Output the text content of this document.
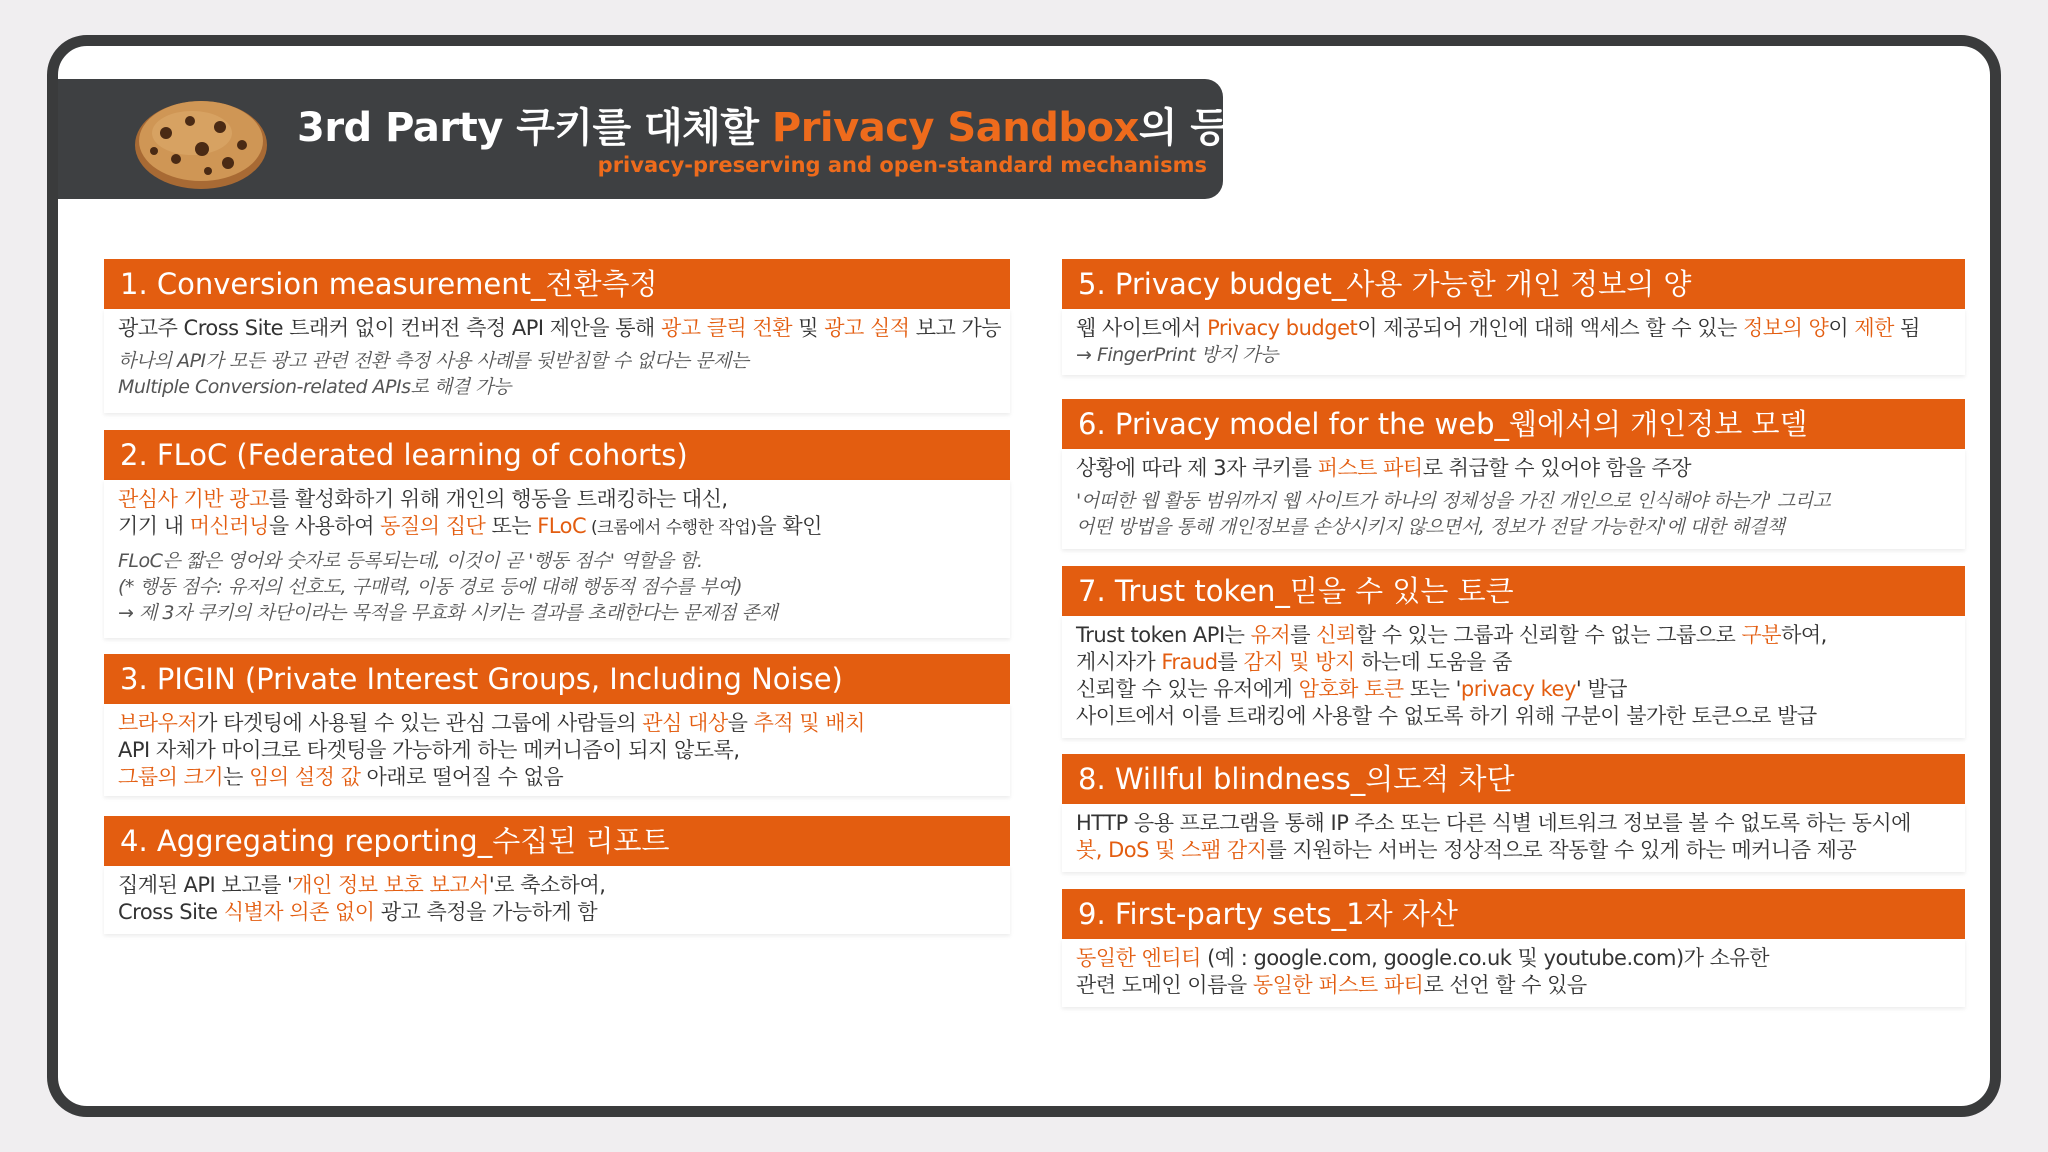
3rd Party 쿠키를 대체할 Privacy Sandbox의 등장
privacy-preserving and open-standard mechanisms
1. Conversion measurement_전환측정
광고주 Cross Site 트래커 없이 컨버전 측정 API 제안을 통해 광고 클릭 전환 및 광고 실적 보고 가능
하나의 API가 모든 광고 관련 전환 측정 사용 사례를 뒷받침할 수 없다는 문제는
Multiple Conversion-related APIs로 해결 가능
2. FLoC (Federated learning of cohorts)
관심사 기반 광고를 활성화하기 위해 개인의 행동을 트래킹하는 대신,
기기 내 머신러닝을 사용하여 동질의 집단 또는 FLoC (크롬에서 수행한 작업)을 확인
FLoC은 짧은 영어와 숫자로 등록되는데, 이것이 곧 '행동 점수' 역할을 함.
(* 행동 점수: 유저의 선호도, 구매력, 이동 경로 등에 대해 행동적 점수를 부여)
→ 제 3자 쿠키의 차단이라는 목적을 무효화 시키는 결과를 초래한다는 문제점 존재
3. PIGIN (Private Interest Groups, Including Noise)
브라우저가 타겟팅에 사용될 수 있는 관심 그룹에 사람들의 관심 대상을 추적 및 배치
API 자체가 마이크로 타겟팅을 가능하게 하는 메커니즘이 되지 않도록,
그룹의 크기는 임의 설정 값 아래로 떨어질 수 없음
4. Aggregating reporting_수집된 리포트
집계된 API 보고를 '개인 정보 보호 보고서'로 축소하여,
Cross Site 식별자 의존 없이 광고 측정을 가능하게 함
5. Privacy budget_사용 가능한 개인 정보의 양
웹 사이트에서 Privacy budget이 제공되어 개인에 대해 액세스 할 수 있는 정보의 양이 제한 됨
→ FingerPrint 방지 가능
6. Privacy model for the web_웹에서의 개인정보 모델
상황에 따라 제 3자 쿠키를 퍼스트 파티로 취급할 수 있어야 함을 주장
'어떠한 웹 활동 범위까지 웹 사이트가 하나의 정체성을 가진 개인으로 인식해야 하는가' 그리고
어떤 방법을 통해 개인정보를 손상시키지 않으면서, 정보가 전달 가능한지'에 대한 해결책
7. Trust token_믿을 수 있는 토큰
Trust token API는 유저를 신뢰할 수 있는 그룹과 신뢰할 수 없는 그룹으로 구분하여,
게시자가 Fraud를 감지 및 방지 하는데 도움을 줌
신뢰할 수 있는 유저에게 암호화 토큰 또는 'privacy key' 발급
사이트에서 이를 트래킹에 사용할 수 없도록 하기 위해 구분이 불가한 토큰으로 발급
8. Willful blindness_의도적 차단
HTTP 응용 프로그램을 통해 IP 주소 또는 다른 식별 네트워크 정보를 볼 수 없도록 하는 동시에
봇, DoS 및 스팸 감지를 지원하는 서버는 정상적으로 작동할 수 있게 하는 메커니즘 제공
9. First-party sets_1자 자산
동일한 엔티티 (예 : google.com, google.co.uk 및 youtube.com)가 소유한
관련 도메인 이름을 동일한 퍼스트 파티로 선언 할 수 있음
